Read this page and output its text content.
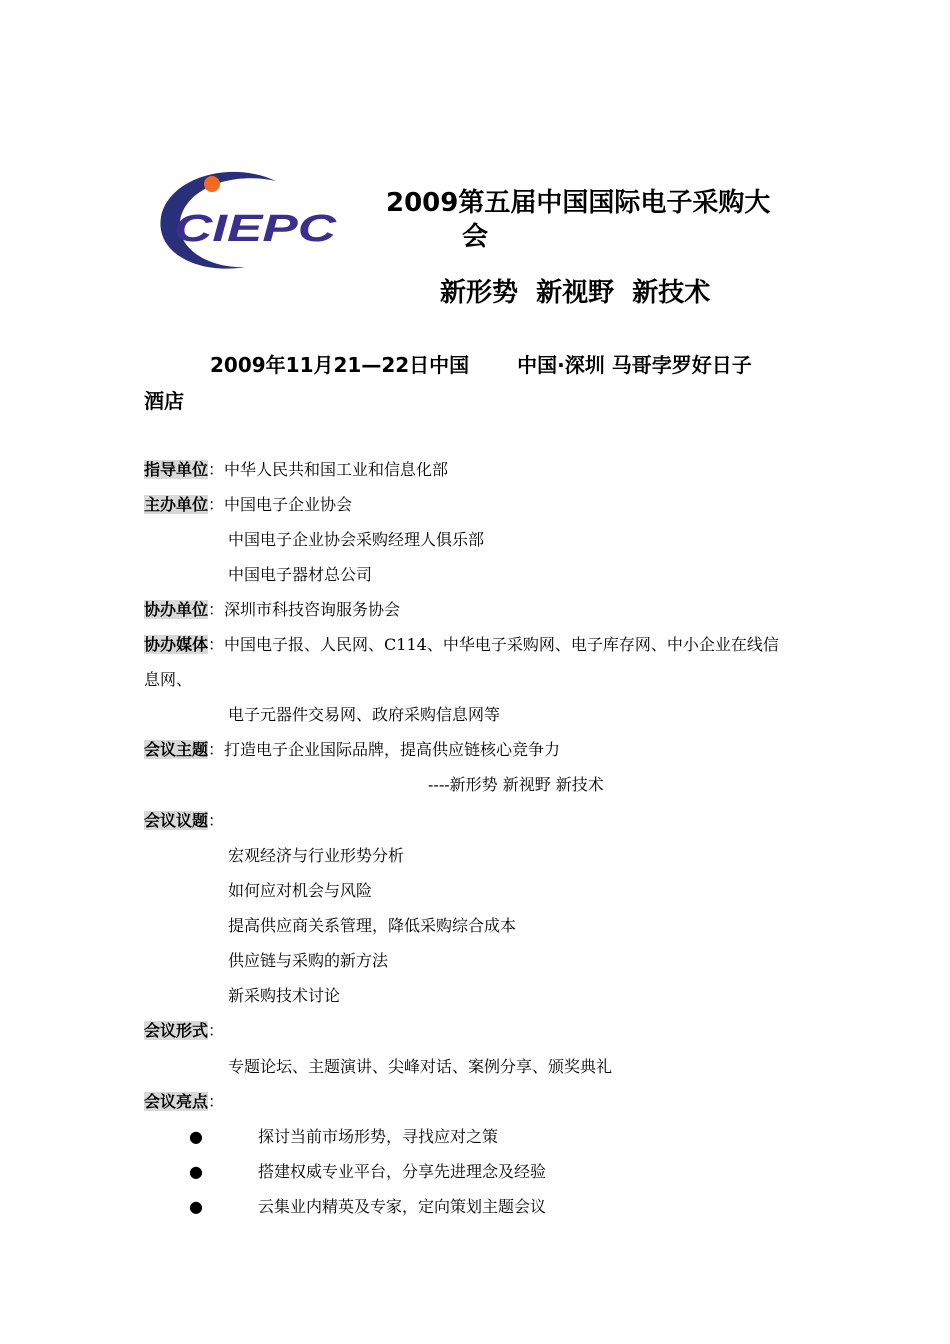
CIEPC
2009第五届中国国际电子采购大
会
新形势  新视野  新技术
2009年11月21—22日中国 中国·深圳 马哥孛罗好日子
酒店
指导单位：中华人民共和国工业和信息化部
主办单位：中国电子企业协会
中国电子企业协会采购经理人俱乐部
中国电子器材总公司
协办单位：深圳市科技咨询服务协会
协办媒体：中国电子报、人民网、C114、中华电子采购网、电子库存网、中小企业在线信
息网、
电子元器件交易网、政府采购信息网等
会议主题：打造电子企业国际品牌，提高供应链核心竞争力
----新形势 新视野 新技术
会议议题：
宏观经济与行业形势分析
如何应对机会与风险
提高供应商关系管理，降低采购综合成本
供应链与采购的新方法
新采购技术讨论
会议形式：
专题论坛、主题演讲、尖峰对话、案例分享、颁奖典礼
会议亮点：
●	探讨当前市场形势，寻找应对之策
●	搭建权威专业平台，分享先进理念及经验
●	云集业内精英及专家，定向策划主题会议
